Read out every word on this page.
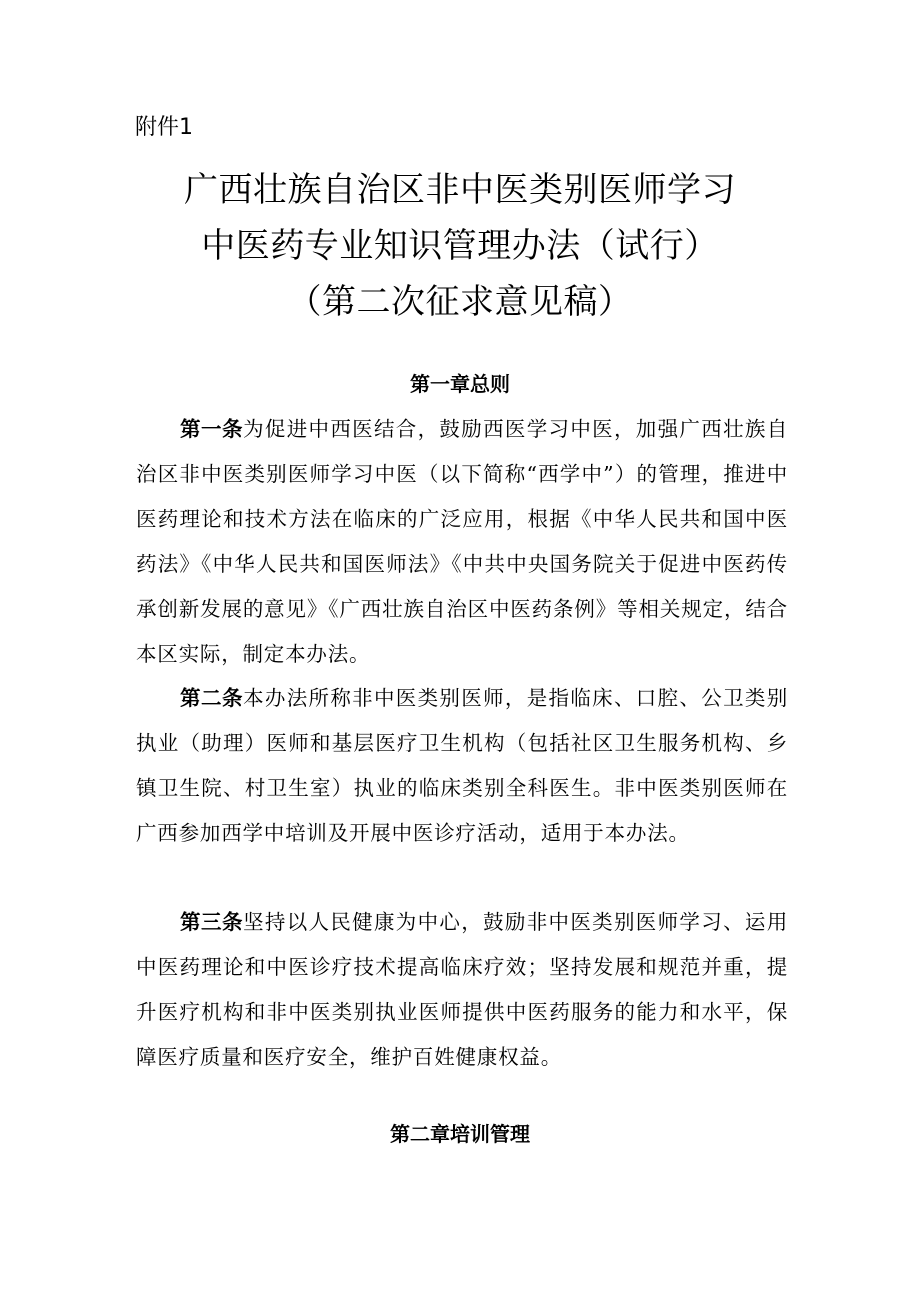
附件1
广西壮族自治区非中医类别医师学习
中医药专业知识管理办法（试行）
（第二次征求意见稿）
第一章总则
第一条为促进中西医结合，鼓励西医学习中医，加强广西壮族自治区非中医类别医师学习中医（以下简称“西学中”）的管理，推进中医药理论和技术方法在临床的广泛应用，根据《中华人民共和国中医药法》《中华人民共和国医师法》《中共中央国务院关于促进中医药传承创新发展的意见》《广西壮族自治区中医药条例》等相关规定，结合本区实际，制定本办法。
第二条本办法所称非中医类别医师，是指临床、口腔、公卫类别执业（助理）医师和基层医疗卫生机构（包括社区卫生服务机构、乡镇卫生院、村卫生室）执业的临床类别全科医生。非中医类别医师在广西参加西学中培训及开展中医诊疗活动，适用于本办法。
第三条坚持以人民健康为中心，鼓励非中医类别医师学习、运用中医药理论和中医诊疗技术提高临床疗效；坚持发展和规范并重，提升医疗机构和非中医类别执业医师提供中医药服务的能力和水平，保障医疗质量和医疗安全，维护百姓健康权益。
第二章培训管理
